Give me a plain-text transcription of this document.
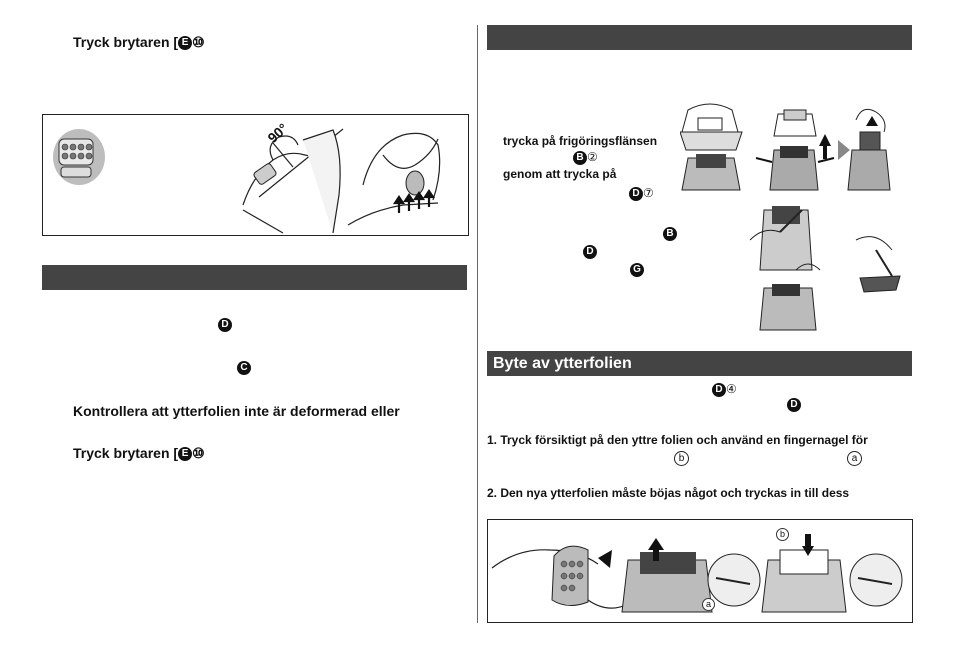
Tryck brytaren [ E ⑩
90°
D
C
Kontrollera att ytterfolien inte är deformerad eller
Tryck brytaren [ E ⑩
trycka på frigöringsflänsen
B ②
genom att trycka på
D ⑦
B
D
G
Byte av ytterfolien
D ④
D
1. Tryck försiktigt på den yttre folien och använd en fingernagel för
b	a
2. Den nya ytterfolien måste böjas något och tryckas in till dess
b
a
